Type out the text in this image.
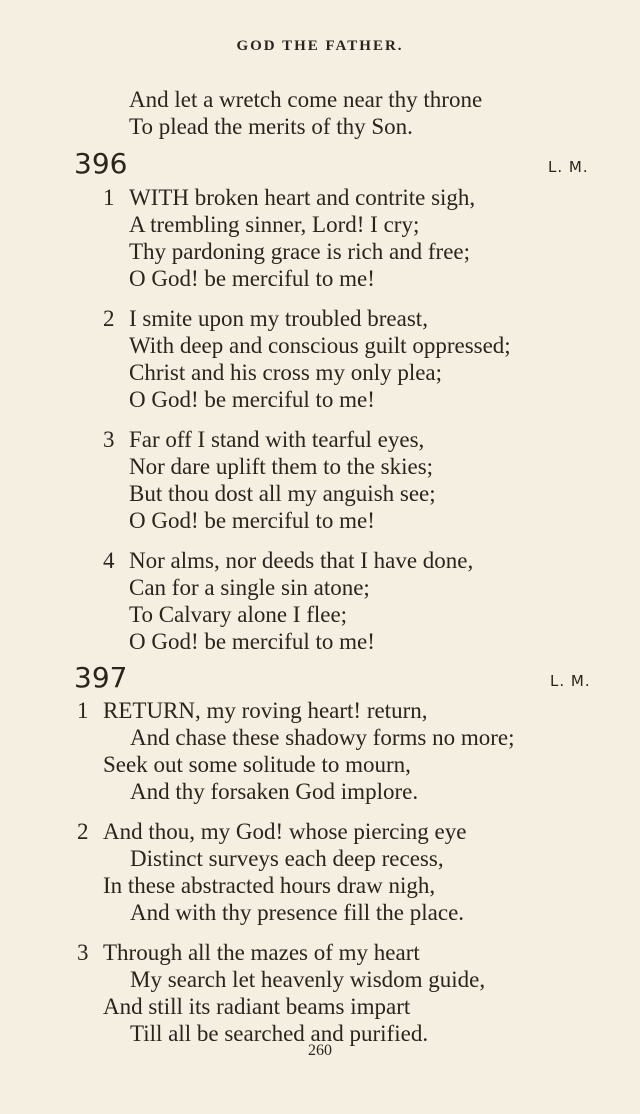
GOD THE FATHER.
And let a wretch come near thy throne
To plead the merits of thy Son.
396	L. M.
1 WITH broken heart and contrite sigh,
A trembling sinner, Lord! I cry;
Thy pardoning grace is rich and free;
O God! be merciful to me!
2 I smite upon my troubled breast,
With deep and conscious guilt oppressed;
Christ and his cross my only plea;
O God! be merciful to me!
3 Far off I stand with tearful eyes,
Nor dare uplift them to the skies;
But thou dost all my anguish see;
O God! be merciful to me!
4 Nor alms, nor deeds that I have done,
Can for a single sin atone;
To Calvary alone I flee;
O God! be merciful to me!
397	L. M.
1 RETURN, my roving heart! return,
And chase these shadowy forms no more;
Seek out some solitude to mourn,
And thy forsaken God implore.
2 And thou, my God! whose piercing eye
Distinct surveys each deep recess,
In these abstracted hours draw nigh,
And with thy presence fill the place.
3 Through all the mazes of my heart
My search let heavenly wisdom guide,
And still its radiant beams impart
Till all be searched and purified.
260
